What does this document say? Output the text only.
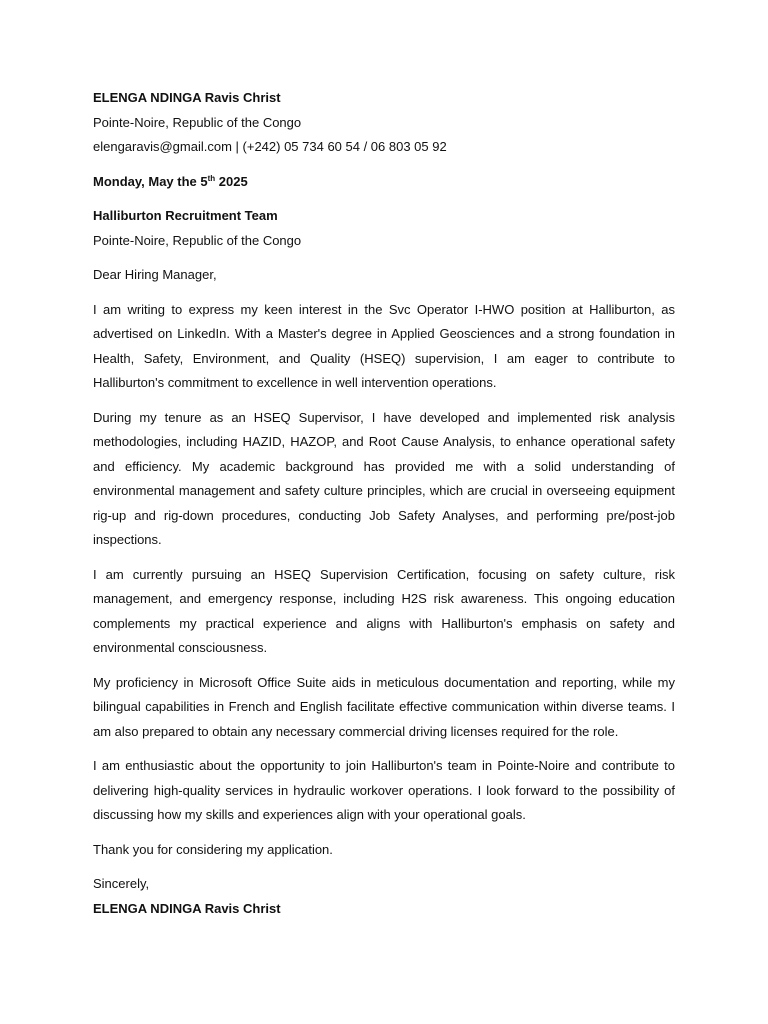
ELENGA NDINGA Ravis Christ

Pointe-Noire, Republic of the Congo

elengaravis@gmail.com | (+242) 05 734 60 54 / 06 803 05 92

Monday, May the 5th 2025

Halliburton Recruitment Team

Pointe-Noire, Republic of the Congo

Dear Hiring Manager,

I am writing to express my keen interest in the Svc Operator I-HWO position at Halliburton, as advertised on LinkedIn. With a Master's degree in Applied Geosciences and a strong foundation in Health, Safety, Environment, and Quality (HSEQ) supervision, I am eager to contribute to Halliburton's commitment to excellence in well intervention operations.

During my tenure as an HSEQ Supervisor, I have developed and implemented risk analysis methodologies, including HAZID, HAZOP, and Root Cause Analysis, to enhance operational safety and efficiency. My academic background has provided me with a solid understanding of environmental management and safety culture principles, which are crucial in overseeing equipment rig-up and rig-down procedures, conducting Job Safety Analyses, and performing pre/post-job inspections.

I am currently pursuing an HSEQ Supervision Certification, focusing on safety culture, risk management, and emergency response, including H2S risk awareness. This ongoing education complements my practical experience and aligns with Halliburton's emphasis on safety and environmental consciousness.

My proficiency in Microsoft Office Suite aids in meticulous documentation and reporting, while my bilingual capabilities in French and English facilitate effective communication within diverse teams. I am also prepared to obtain any necessary commercial driving licenses required for the role.

I am enthusiastic about the opportunity to join Halliburton's team in Pointe-Noire and contribute to delivering high-quality services in hydraulic workover operations. I look forward to the possibility of discussing how my skills and experiences align with your operational goals.

Thank you for considering my application.

Sincerely,

ELENGA NDINGA Ravis Christ
